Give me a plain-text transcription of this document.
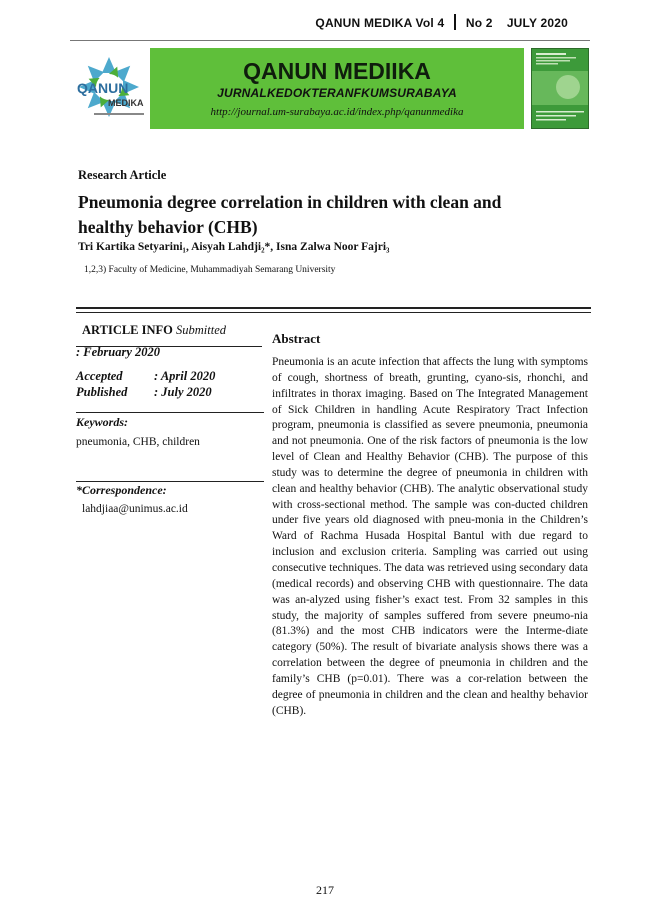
QANUN MEDIKA Vol 4 No 2 JULY 2020
QANUN
MEDIKA
QANUN MEDIIKA
JURNALKEDOKTERANFKUMSURABAYA
http://journal.um-surabaya.ac.id/index.php/qanunmedika
Research Article
Pneumonia degree correlation in children with clean and healthy behavior (CHB)
Tri Kartika Setyarini₁, Aisyah Lahdji₂*, Isna Zalwa Noor Fajri₃
1,2,3) Faculty of Medicine, Muhammadiyah Semarang University
ARTICLE INFO Submitted
: February 2020
Accepted	: April 2020
Published : July 2020
Keywords:
pneumonia, CHB, children
*Correspondence:
lahdjiaa@unimus.ac.id
Abstract
Pneumonia is an acute infection that affects the lung with symptoms of cough, shortness of breath, grunting, cyano-sis, rhonchi, and infiltrates in thorax imaging. Based on The Integrated Management of Sick Children in handling Acute Respiratory Tract Infection program, pneumonia is classified as severe pneumonia, pneumonia and not pneumonia. One of the risk factors of pneumonia is the low level of Clean and Healthy Behavior (CHB). The purpose of this study was to determine the degree of pneumonia in children with clean and healthy behavior (CHB). The analytic observational study with cross-sectional method. The sample was con-ducted children under five years old diagnosed with pneu-monia in the Children’s Ward of Rachma Husada Hospital Bantul with due regard to inclusion and exclusion criteria. Sampling was carried out using consecutive techniques. The data was retrieved using secondary data (medical records) and observing CHB with questionnaire. The data was an-alyzed using fisher’s exact test. From 32 samples in this study, the majority of samples suffered from severe pneumo-nia (81.3%) and the most CHB indicators were the Interme-diate category (50%). The result of bivariate analysis shows there was a correlation between the degree of pneumonia in children and the family’s CHB (p=0.01). There was a cor-relation between the degree of pneumonia in children and the clean and healthy behavior (CHB).
217
